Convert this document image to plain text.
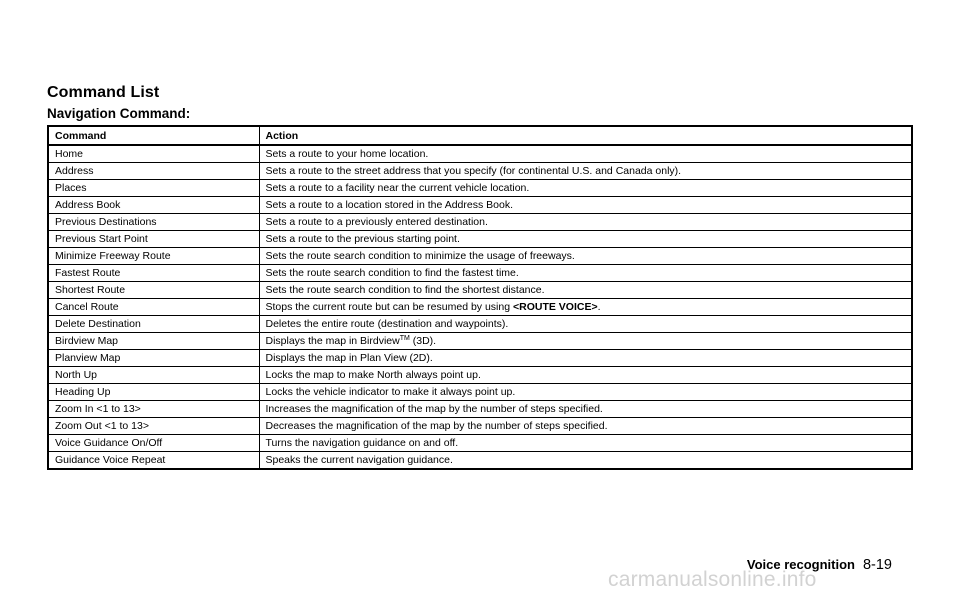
Command List
Navigation Command:
Command	Action
Home	Sets a route to your home location.
Address	Sets a route to the street address that you specify (for continental U.S. and Canada only).
Places	Sets a route to a facility near the current vehicle location.
Address Book	Sets a route to a location stored in the Address Book.
Previous Destinations	Sets a route to a previously entered destination.
Previous Start Point	Sets a route to the previous starting point.
Minimize Freeway Route	Sets the route search condition to minimize the usage of freeways.
Fastest Route	Sets the route search condition to find the fastest time.
Shortest Route	Sets the route search condition to find the shortest distance.
Cancel Route	Stops the current route but can be resumed by using <ROUTE VOICE>.
Delete Destination	Deletes the entire route (destination and waypoints).
Birdview Map	Displays the map in Birdview™ (3D).
Planview Map	Displays the map in Plan View (2D).
North Up	Locks the map to make North always point up.
Heading Up	Locks the vehicle indicator to make it always point up.
Zoom In <1 to 13>	Increases the magnification of the map by the number of steps specified.
Zoom Out <1 to 13>	Decreases the magnification of the map by the number of steps specified.
Voice Guidance On/Off	Turns the navigation guidance on and off.
Guidance Voice Repeat	Speaks the current navigation guidance.
Voice recognition 8-19
carmanualsonline.info
